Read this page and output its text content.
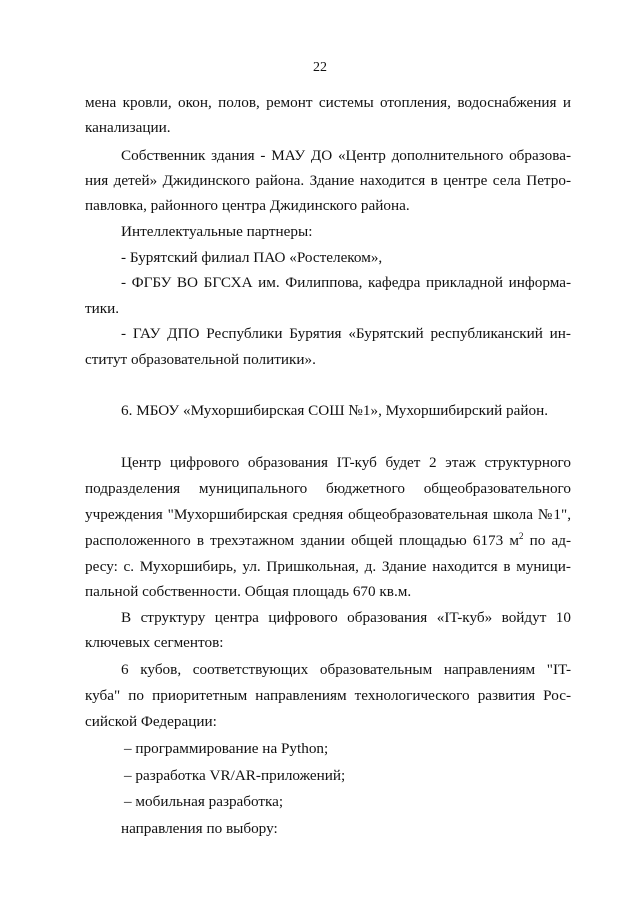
22
мена кровли, окон, полов, ремонт системы отопления, водоснабжения и
канализации.
Собственник здания - МАУ ДО «Центр дополнительного образова-
ния детей» Джидинского района. Здание находится в центре села Петро-
павловка, районного центра Джидинского района.
Интеллектуальные партнеры:
- Бурятский филиал ПАО «Ростелеком»,
- ФГБУ ВО БГСХА им. Филиппова, кафедра прикладной информа-
тики.
- ГАУ ДПО Республики Бурятия «Бурятский республиканский ин-
ститут образовательной политики».
6. МБОУ «Мухоршибирская СОШ №1», Мухоршибирский район.
Центр цифрового образования IT-куб будет 2 этаж структурного
подразделения муниципального бюджетного общеобразовательного
учреждения "Мухоршибирская средняя общеобразовательная школа №1",
расположенного в трехэтажном здании общей площадью 6173 $м^2$ по ад-
ресу: с. Мухоршибирь, ул. Пришкольная, д. Здание находится в муници-
пальной собственности. Общая площадь 670 кв.м.
В структуру центра цифрового образования «IT-куб» войдут 10
ключевых сегментов:
6 кубов, соответствующих образовательным направлениям "IT-
куба" по приоритетным направлениям технологического развития Рос-
сийской Федерации:
– программирование на Python;
– разработка VR/AR-приложений;
– мобильная разработка;
направления по выбору:
